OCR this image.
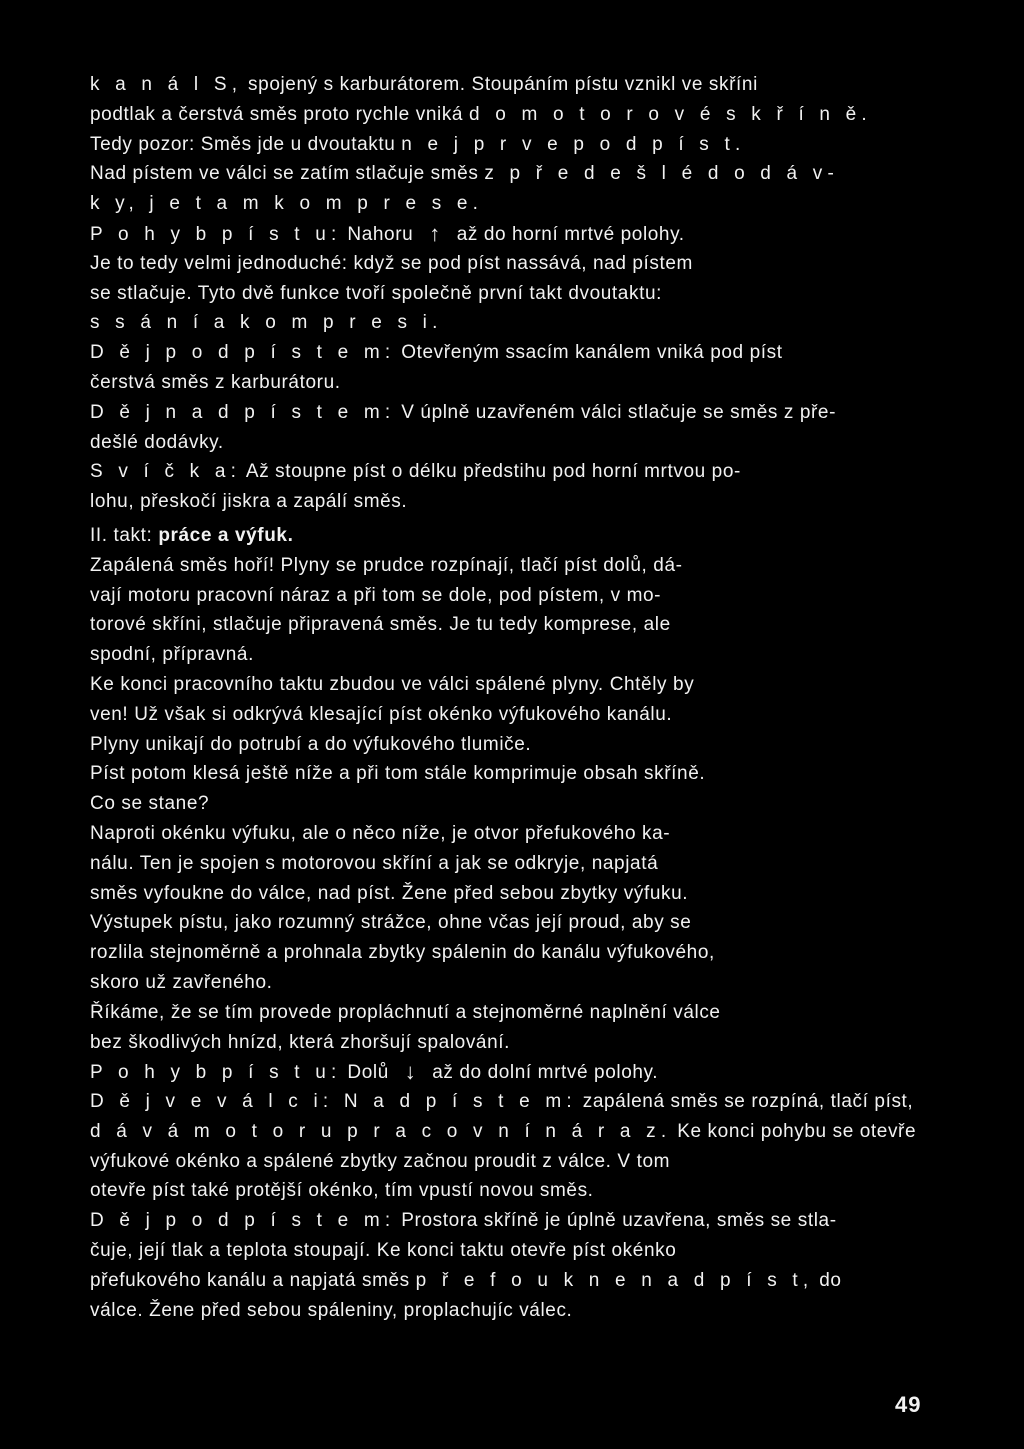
k a n á l S, spojený s karburátorem. Stoupáním pístu vznikl ve skříni
podtlak a čerstvá směs proto rychle vniká d o m o t o r o v é s k ř í n ě.
Tedy pozor: Směs jde u dvoutaktu n e j p r v e p o d p í s t.
Nad pístem ve válci se zatím stlačuje směs z p ř e d e š l é d o d á v-
k y, j e t a m k o m p r e s e.
P o h y b p í s t u: Nahoru ↑ až do horní mrtvé polohy.
Je to tedy velmi jednoduché: když se pod píst nassává, nad pístem
se stlačuje. Tyto dvě funkce tvoří společně první takt dvoutaktu:
s s á n í a k o m p r e s i.
D ě j p o d p í s t e m: Otevřeným ssacím kanálem vniká pod píst
čerstvá směs z karburátoru.
D ě j n a d p í s t e m: V úplně uzavřeném válci stlačuje se směs z pře-
dešlé dodávky.
S v í č k a: Až stoupne píst o délku předstihu pod horní mrtvou po-
lohu, přeskočí jiskra a zapálí směs.
II. takt: práce a výfuk.
Zapálená směs hoří! Plyny se prudce rozpínají, tlačí píst dolů, dá-
vají motoru pracovní náraz a při tom se dole, pod pístem, v mo-
torové skříni, stlačuje připravená směs. Je tu tedy komprese, ale
spodní, přípravná.
Ke konci pracovního taktu zbudou ve válci spálené plyny. Chtěly by
ven! Už však si odkrývá klesající píst okénko výfukového kanálu.
Plyny unikají do potrubí a do výfukového tlumiče.
Píst potom klesá ještě níže a při tom stále komprimuje obsah skříně.
Co se stane?
Naproti okénku výfuku, ale o něco níže, je otvor přefukového ka-
nálu. Ten je spojen s motorovou skříní a jak se odkryje, napjatá
směs vyfoukne do válce, nad píst. Žene před sebou zbytky výfuku.
Výstupek pístu, jako rozumný strážce, ohne včas její proud, aby se
rozlila stejnoměrně a prohnala zbytky spálenin do kanálu výfukového,
skoro už zavřeného.
Říkáme, že se tím provede propláchnutí a stejnoměrné naplnění válce
bez škodlivých hnízd, která zhoršují spalování.
P o h y b p í s t u: Dolů ↓ až do dolní mrtvé polohy.
D ě j v e v á l c i: N a d p í s t e m: zapálená směs se rozpíná, tlačí píst,
d á v á m o t o r u p r a c o v n í n á r a z. Ke konci pohybu se otevře
výfukové okénko a spálené zbytky začnou proudit z válce. V tom
otevře píst také protější okénko, tím vpustí novou směs.
D ě j p o d p í s t e m: Prostora skříně je úplně uzavřena, směs se stla-
čuje, její tlak a teplota stoupají. Ke konci taktu otevře píst okénko
přefukového kanálu a napjatá směs p ř e f o u k n e n a d p í s t, do
válce. Žene před sebou spáleniny, proplachujíc válec.
49
